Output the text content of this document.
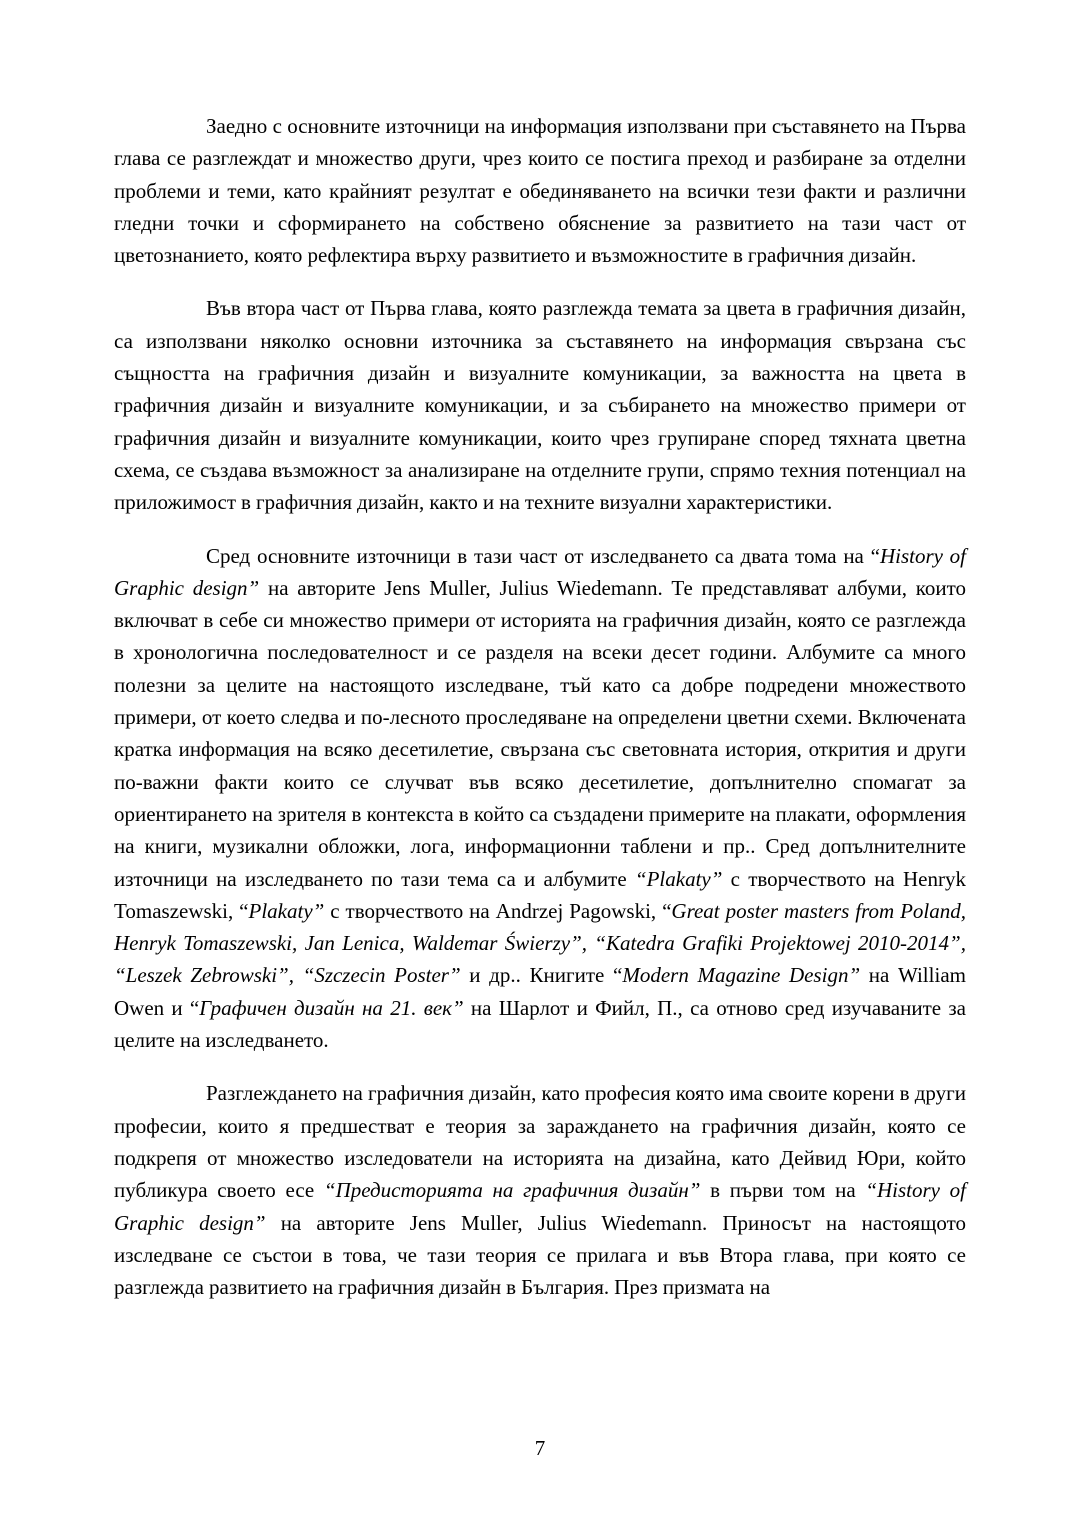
Заедно с основните източници на информация използвани при съставянето на Първа глава се разглеждат и множество други, чрез които се постига преход и разбиране за отделни проблеми и теми, като крайният резултат е обединяването на всички тези факти и различни гледни точки и сформирането на собствено обяснение за развитието на тази част от цветознанието, която рефлектира върху развитието и възможностите в графичния дизайн.

Във втора част от Първа глава, която разглежда темата за цвета в графичния дизайн, са използвани няколко основни източника за съставянето на информация свързана със същността на графичния дизайн и визуалните комуникации, за важността на цвета в графичния дизайн и визуалните комуникации, и за събирането на множество примери от графичния дизайн и визуалните комуникации, които чрез групиране според тяхната цветна схема, се създава възможност за анализиране на отделните групи, спрямо техния потенциал на приложимост в графичния дизайн, както и на техните визуални характеристики.

Сред основните източници в тази част от изследването са двата тома на “History of Graphic design” на авторите Jens Muller, Julius Wiedemann. Те представляват албуми, които включват в себе си множество примери от историята на графичния дизайн, която се разглежда в хронологична последователност и се разделя на всеки десет години. Албумите са много полезни за целите на настоящото изследване, тъй като са добре подредени множеството примери, от което следва и по-лесното проследяване на определени цветни схеми. Включената кратка информация на всяко десетилетие, свързана със световната история, открития и други по-важни факти които се случват във всяко десетилетие, допълнително спомагат за ориентирането на зрителя в контекста в който са създадени примерите на плакати, оформления на книги, музикални обложки, лога, информационни таблени и пр.. Сред допълнителните източници на изследването по тази тема са и албумите “Plakaty” с творчеството на Henryk Tomaszewski, “Plakaty” с творчеството на Andrzej Pagowski, “Great poster masters from Poland, Henryk Tomaszewski, Jan Lenica, Waldemar Świerzy”, “Katedra Grafiki Projektowej 2010-2014”, “Leszek Zebrowski”, “Szczecin Poster” и др.. Книгите “Modern Magazine Design” на William Owen и “Графичен дизайн на 21. век” на Шарлот и Фийл, П., са отново сред изучаваните за целите на изследването.

Разглеждането на графичния дизайн, като професия която има своите корени в други професии, които я предшестват е теория за зараждането на графичния дизайн, която се подкрепя от множество изследователи на историята на дизайна, като Дейвид Юри, който публикура своето есе “Предисторията на графичния дизайн” в първи том на “History of Graphic design” на авторите Jens Muller, Julius Wiedemann. Приносът на настоящото изследване се състои в това, че тази теория се прилага и във Втора глава, при която се разглежда развитието на графичния дизайн в България. През призмата на

7
